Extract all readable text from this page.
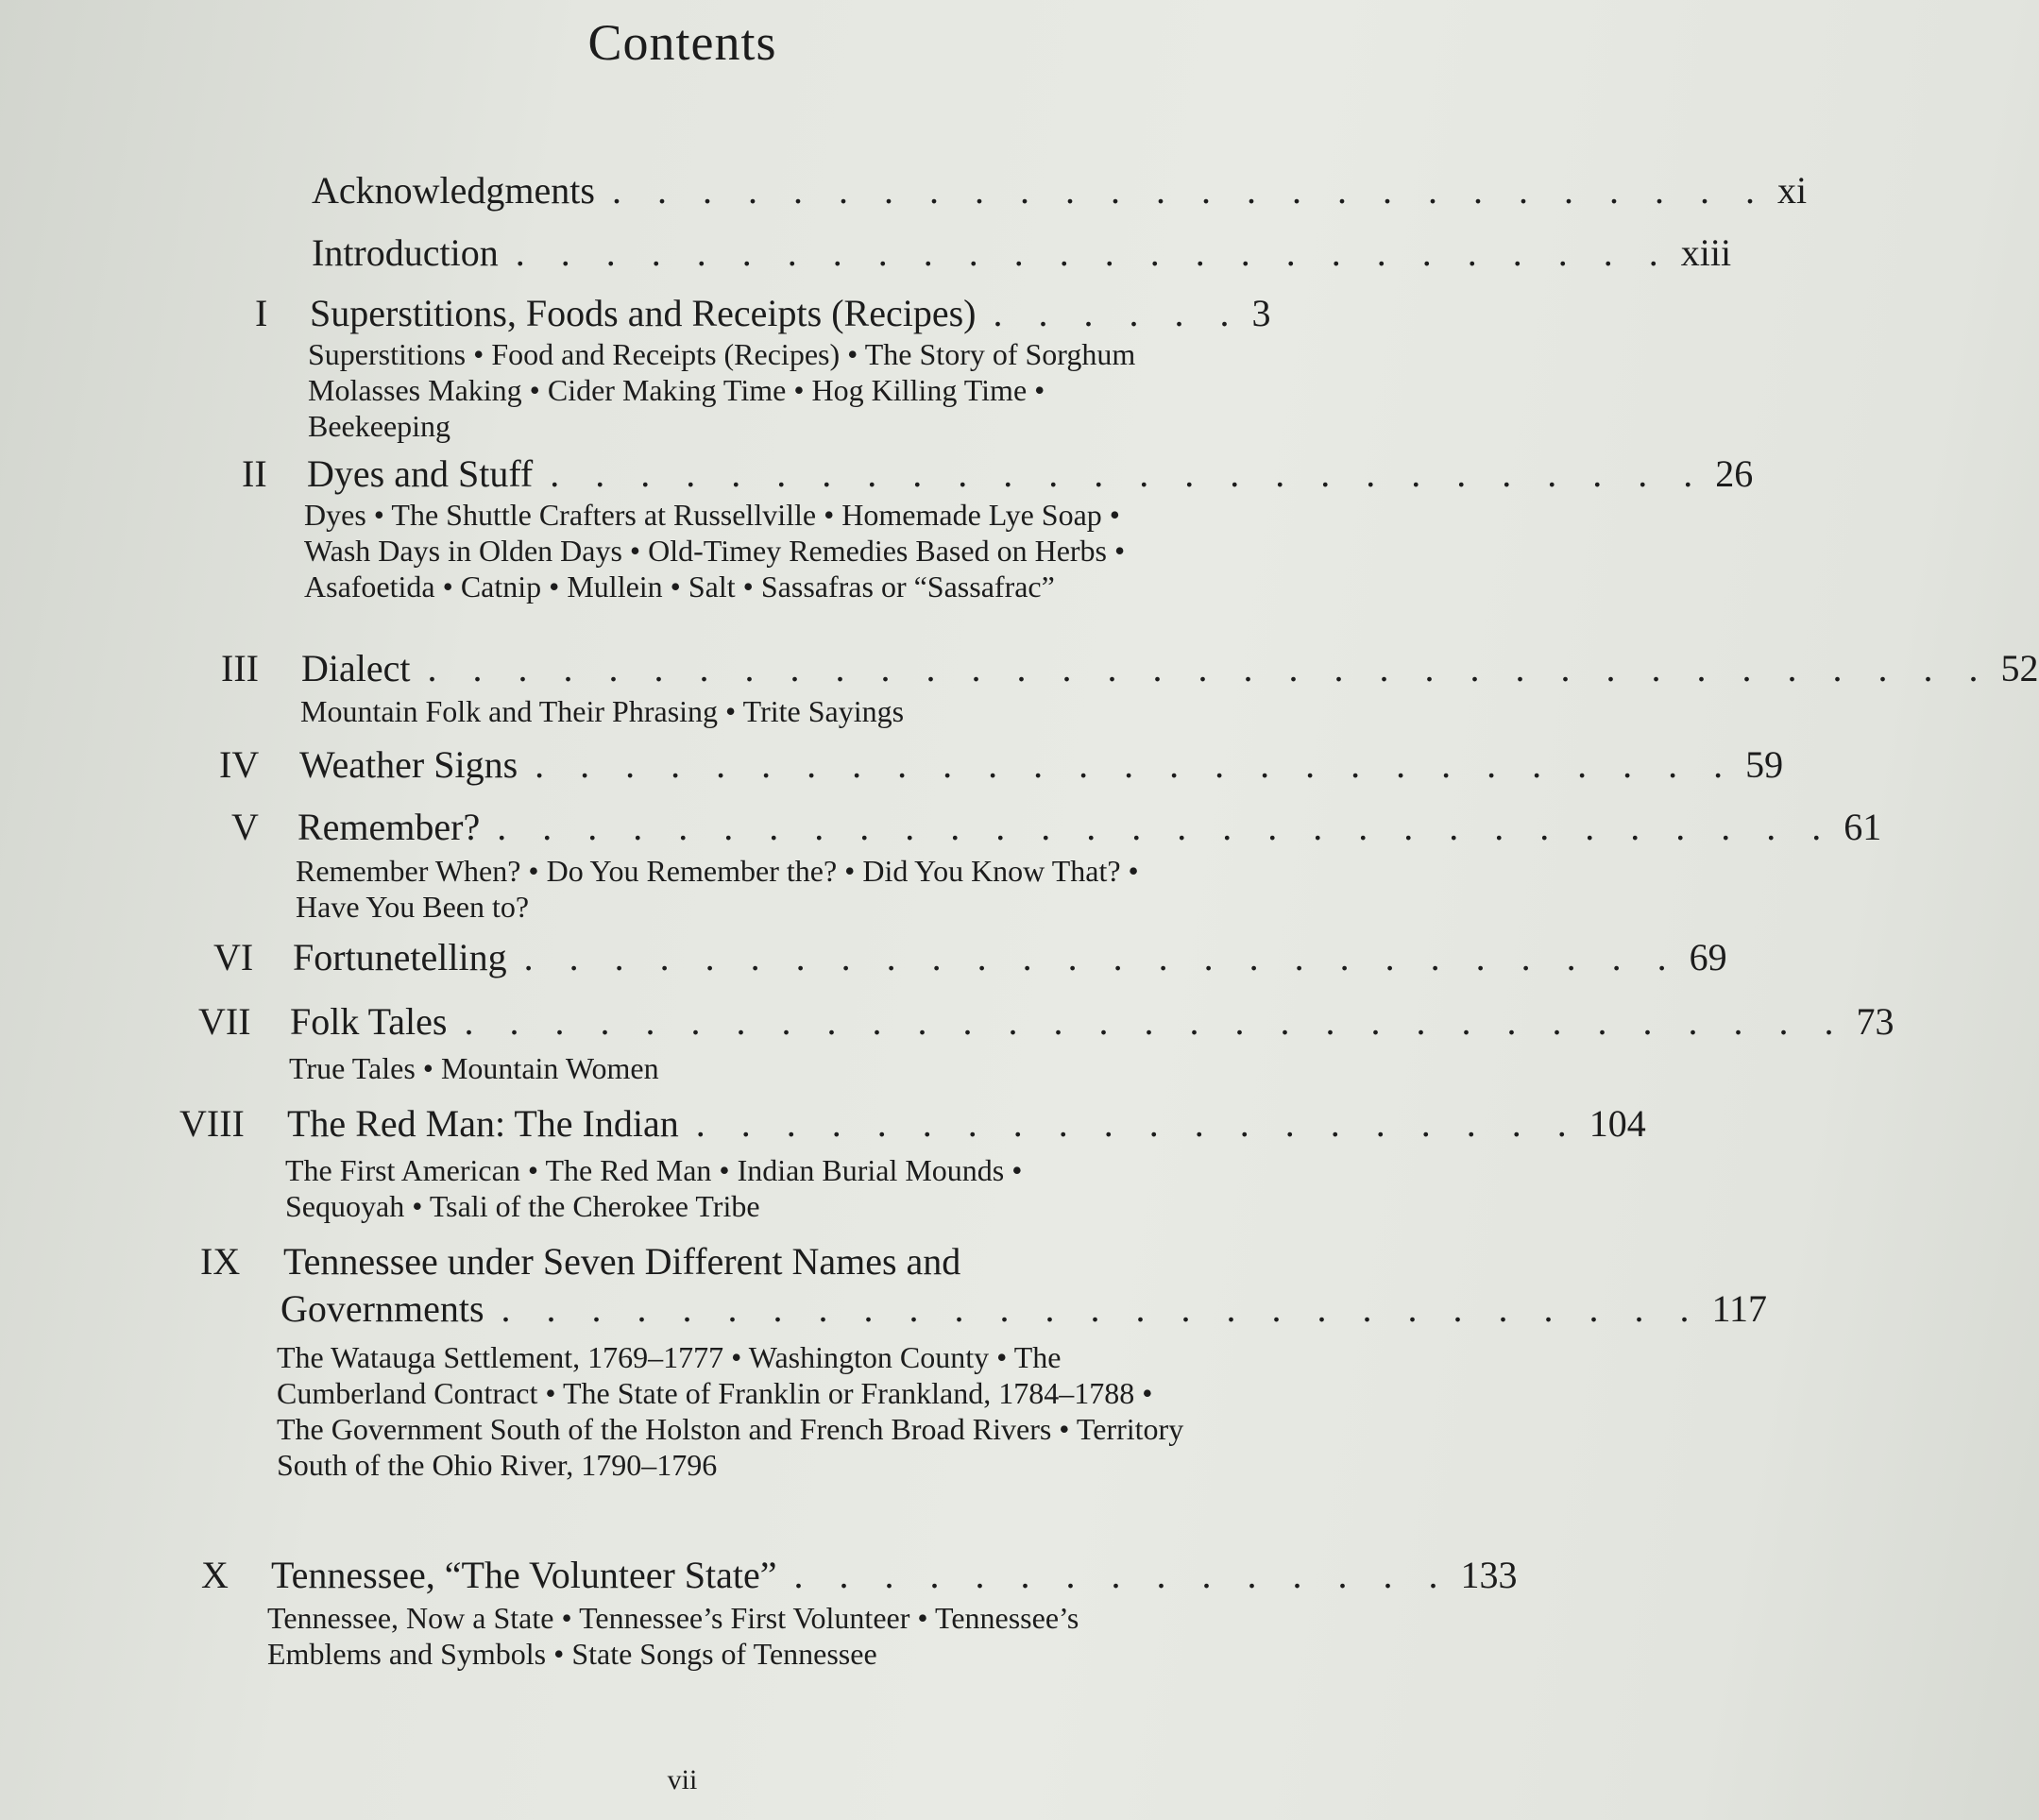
Contents
Acknowledgments . . . . . . . . . . . . . . . . . . . . . . . . . . xi
Introduction . . . . . . . . . . . . . . . . . . . . . . . . . . xiii
I Superstitions, Foods and Receipts (Recipes) . . . . . . 3
Superstitions • Food and Receipts (Recipes) • The Story of Sorghum Molasses Making • Cider Making Time • Hog Killing Time • Beekeeping
II Dyes and Stuff . . . . . . . . . . . . . . . . . . . . . . . . . . 26
Dyes • The Shuttle Crafters at Russellville • Homemade Lye Soap • Wash Days in Olden Days • Old-Timey Remedies Based on Herbs • Asafoetida • Catnip • Mullein • Salt • Sassafras or “Sassafrac”
III Dialect . . . . . . . . . . . . . . . . . . . . . . . . . . . . . . . . . . . 52
Mountain Folk and Their Phrasing • Trite Sayings
IV Weather Signs . . . . . . . . . . . . . . . . . . . . . . . . . . . 59
V Remember? . . . . . . . . . . . . . . . . . . . . . . . . . . . . . . 61
Remember When? • Do You Remember the? • Did You Know That? • Have You Been to?
VI Fortunetelling . . . . . . . . . . . . . . . . . . . . . . . . . . 69
VII Folk Tales . . . . . . . . . . . . . . . . . . . . . . . . . . . . . . . 73
True Tales • Mountain Women
VIII The Red Man: The Indian . . . . . . . . . . . . . . . . . . . . 104
The First American • The Red Man • Indian Burial Mounds • Sequoyah • Tsali of the Cherokee Tribe
IX Tennessee under Seven Different Names and
Governments . . . . . . . . . . . . . . . . . . . . . . . . . . . 117
The Watauga Settlement, 1769–1777 • Washington County • The Cumberland Contract • The State of Franklin or Frankland, 1784–1788 • The Government South of the Holston and French Broad Rivers • Territory South of the Ohio River, 1790–1796
X Tennessee, “The Volunteer State” . . . . . . . . . . . . . . . 133
Tennessee, Now a State • Tennessee’s First Volunteer • Tennessee’s Emblems and Symbols • State Songs of Tennessee
vii
